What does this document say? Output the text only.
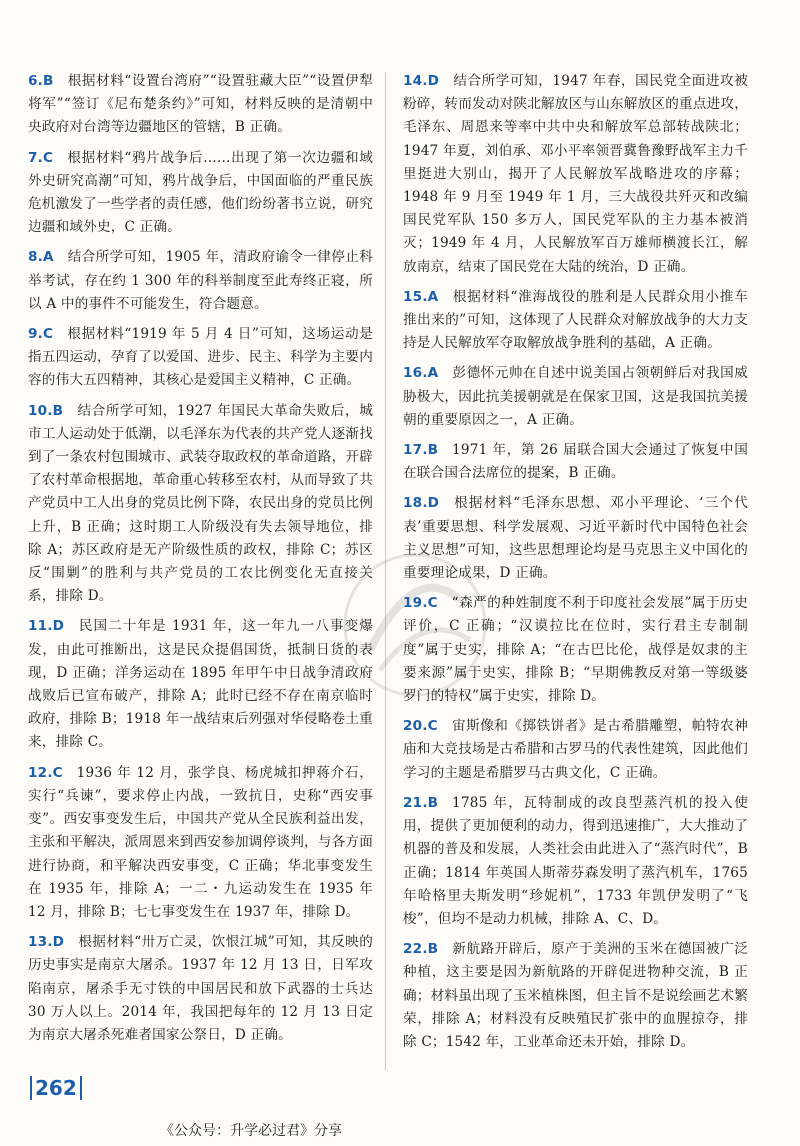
6.B  根据材料“设置台湾府”“设置驻藏大臣”“设置伊犁将军”“签订《尼布楚条约》”可知，材料反映的是清朝中央政府对台湾等边疆地区的管辖，B 正确。

7.C  根据材料“鸦片战争后……出现了第一次边疆和域外史研究高潮”可知，鸦片战争后，中国面临的严重民族危机激发了一些学者的责任感，他们纷纷著书立说，研究边疆和域外史，C 正确。

8.A  结合所学可知，1905 年，清政府谕令一律停止科举考试，存在约 1 300 年的科举制度至此寿终正寝，所以 A 中的事件不可能发生，符合题意。

9.C  根据材料“1919 年 5 月 4 日”可知，这场运动是指五四运动，孕育了以爱国、进步、民主、科学为主要内容的伟大五四精神，其核心是爱国主义精神，C 正确。

10.B  结合所学可知，1927 年国民大革命失败后，城市工人运动处于低潮，以毛泽东为代表的共产党人逐渐找到了一条农村包围城市、武装夺取政权的革命道路，开辟了农村革命根据地，革命重心转移至农村，从而导致了共产党员中工人出身的党员比例下降，农民出身的党员比例上升，B 正确；这时期工人阶级没有失去领导地位，排除 A；苏区政府是无产阶级性质的政权，排除 C；苏区反“围剿”的胜利与共产党员的工农比例变化无直接关系，排除 D。

11.D  民国二十年是 1931 年，这一年九一八事变爆发，由此可推断出，这是民众提倡国货，抵制日货的表现，D 正确；洋务运动在 1895 年甲午中日战争清政府战败后已宣布破产，排除 A；此时已经不存在南京临时政府，排除 B；1918 年一战结束后列强对华侵略卷土重来，排除 C。

12.C  1936 年 12 月，张学良、杨虎城扣押蒋介石，实行“兵谏”，要求停止内战，一致抗日，史称“西安事变”。西安事变发生后，中国共产党从全民族利益出发，主张和平解决，派周恩来到西安参加调停谈判，与各方面进行协商，和平解决西安事变，C 正确；华北事变发生在 1935 年，排除 A；一二・九运动发生在 1935 年 12 月，排除 B；七七事变发生在 1937 年，排除 D。

13.D  根据材料“卅万亡灵，饮恨江城”可知，其反映的历史事实是南京大屠杀。1937 年 12 月 13 日，日军攻陷南京，屠杀手无寸铁的中国居民和放下武器的士兵达 30 万人以上。2014 年，我国把每年的 12 月 13 日定为南京大屠杀死难者国家公祭日，D 正确。

14.D  结合所学可知，1947 年春，国民党全面进攻被粉碎，转而发动对陕北解放区与山东解放区的重点进攻，毛泽东、周恩来等率中共中央和解放军总部转战陕北；1947 年夏，刘伯承、邓小平率领晋冀鲁豫野战军主力千里挺进大别山，揭开了人民解放军战略进攻的序幕；1948 年 9 月至 1949 年 1 月，三大战役共歼灭和改编国民党军队 150 多万人，国民党军队的主力基本被消灭；1949 年 4 月，人民解放军百万雄师横渡长江，解放南京，结束了国民党在大陆的统治，D 正确。

15.A  根据材料“淮海战役的胜利是人民群众用小推车推出来的”可知，这体现了人民群众对解放战争的大力支持是人民解放军夺取解放战争胜利的基础，A 正确。

16.A  彭德怀元帅在自述中说美国占领朝鲜后对我国威胁极大，因此抗美援朝就是在保家卫国，这是我国抗美援朝的重要原因之一，A 正确。

17.B  1971 年，第 26 届联合国大会通过了恢复中国在联合国合法席位的提案，B 正确。

18.D  根据材料“毛泽东思想、邓小平理论、‘三个代表’重要思想、科学发展观、习近平新时代中国特色社会主义思想”可知，这些思想理论均是马克思主义中国化的重要理论成果，D 正确。

19.C  “森严的种姓制度不利于印度社会发展”属于历史评价，C 正确；“汉谟拉比在位时，实行君主专制制度”属于史实，排除 A；“在古巴比伦，战俘是奴隶的主要来源”属于史实，排除 B；“早期佛教反对第一等级婆罗门的特权”属于史实，排除 D。

20.C  宙斯像和《掷铁饼者》是古希腊雕塑，帕特农神庙和大竞技场是古希腊和古罗马的代表性建筑，因此他们学习的主题是希腊罗马古典文化，C 正确。

21.B  1785 年，瓦特制成的改良型蒸汽机的投入使用，提供了更加便利的动力，得到迅速推广，大大推动了机器的普及和发展，人类社会由此进入了“蒸汽时代”，B 正确；1814 年英国人斯蒂芬森发明了蒸汽机车，1765 年哈格里夫斯发明“珍妮机”，1733 年凯伊发明了“飞梭”，但均不是动力机械，排除 A、C、D。

22.B  新航路开辟后，原产于美洲的玉米在德国被广泛种植，这主要是因为新航路的开辟促进物种交流，B 正确；材料虽出现了玉米植株图，但主旨不是说绘画艺术繁荣，排除 A；材料没有反映殖民扩张中的血腥掠夺，排除 C；1542 年，工业革命还未开始，排除 D。

262
《公众号：升学必过君》分享
